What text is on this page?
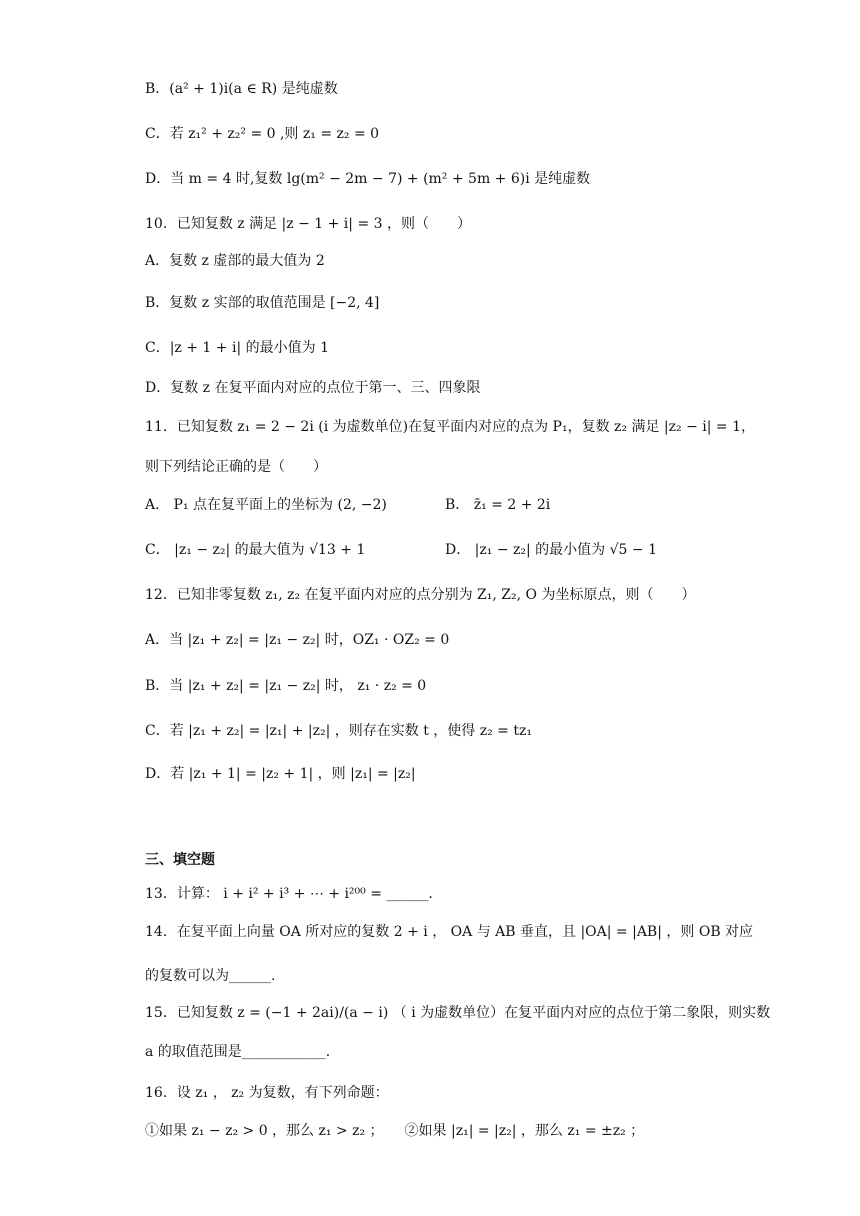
B．(a² + 1)i(a ∈ R) 是纯虚数
C．若 z₁² + z₂² = 0 ,则 z₁ = z₂ = 0
D．当 m = 4 时,复数 lg(m² − 2m − 7) + (m² + 5m + 6)i 是纯虚数
10．已知复数 z 满足 |z − 1 + i| = 3 ，则（　　）
A．复数 z 虚部的最大值为 2
B．复数 z 实部的取值范围是 [−2, 4]
C．|z + 1 + i| 的最小值为 1
D．复数 z 在复平面内对应的点位于第一、三、四象限
11．已知复数 z₁ = 2 − 2i (i 为虚数单位)在复平面内对应的点为 P₁，复数 z₂ 满足 |z₂ − i| = 1，
则下列结论正确的是（　　）
A． P₁ 点在复平面上的坐标为 (2, −2)	B． z̄₁ = 2 + 2i
C． |z₁ − z₂| 的最大值为 √13 + 1	D． |z₁ − z₂| 的最小值为 √5 − 1
12．已知非零复数 z₁, z₂ 在复平面内对应的点分别为 Z₁, Z₂, O 为坐标原点，则（　　）
A．当 |z₁ + z₂| = |z₁ − z₂| 时，OZ₁ · OZ₂ = 0
B．当 |z₁ + z₂| = |z₁ − z₂| 时， z₁ · z₂ = 0
C．若 |z₁ + z₂| = |z₁| + |z₂| ，则存在实数 t ，使得 z₂ = tz₁
D．若 |z₁ + 1| = |z₂ + 1| ，则 |z₁| = |z₂|
三、填空题
13．计算： i + i² + i³ + ⋯ + i²⁰⁰ = ______.
14．在复平面上向量 OA 所对应的复数 2 + i ， OA 与 AB 垂直，且 |OA| = |AB| ，则 OB 对应
的复数可以为______.
15．已知复数 z = (−1 + 2ai)/(a − i) （ i 为虚数单位）在复平面内对应的点位于第二象限，则实数
a 的取值范围是____________.
16．设 z₁ ， z₂ 为复数，有下列命题：
①如果 z₁ − z₂ > 0 ，那么 z₁ > z₂ ；　　②如果 |z₁| = |z₂| ，那么 z₁ = ±z₂ ；
